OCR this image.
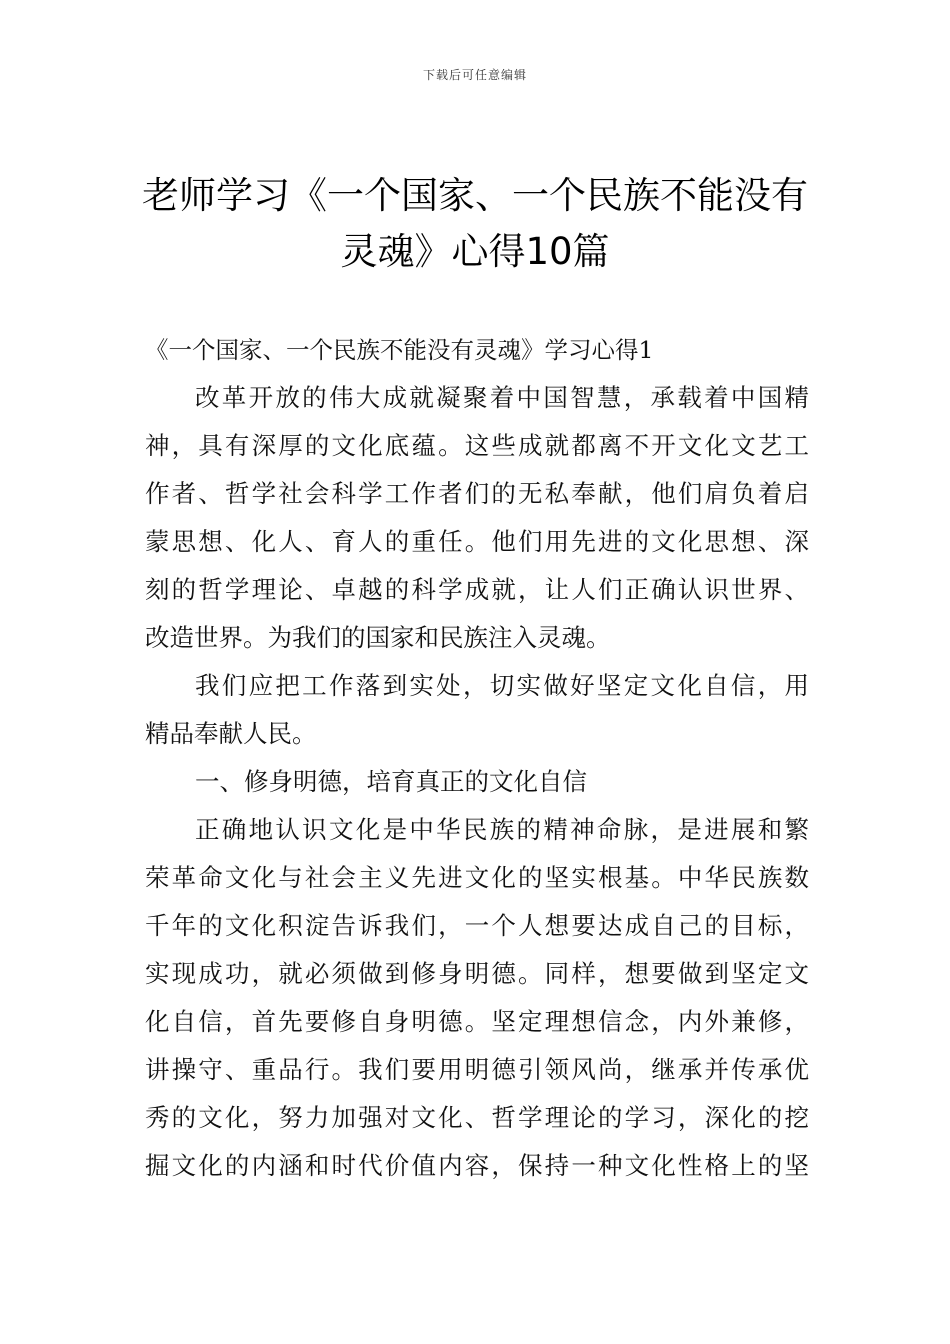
下载后可任意编辑
老师学习《一个国家、一个民族不能没有
灵魂》心得10篇
《一个国家、一个民族不能没有灵魂》学习心得1
改革开放的伟大成就凝聚着中国智慧，承载着中国精
神，具有深厚的文化底蕴。这些成就都离不开文化文艺工
作者、哲学社会科学工作者们的无私奉献，他们肩负着启
蒙思想、化人、育人的重任。他们用先进的文化思想、深
刻的哲学理论、卓越的科学成就，让人们正确认识世界、
改造世界。为我们的国家和民族注入灵魂。
我们应把工作落到实处，切实做好坚定文化自信，用
精品奉献人民。
一、修身明德，培育真正的文化自信
正确地认识文化是中华民族的精神命脉，是进展和繁
荣革命文化与社会主义先进文化的坚实根基。中华民族数
千年的文化积淀告诉我们，一个人想要达成自己的目标，
实现成功，就必须做到修身明德。同样，想要做到坚定文
化自信，首先要修自身明德。坚定理想信念，内外兼修，
讲操守、重品行。我们要用明德引领风尚，继承并传承优
秀的文化，努力加强对文化、哲学理论的学习，深化的挖
掘文化的内涵和时代价值内容，保持一种文化性格上的坚
